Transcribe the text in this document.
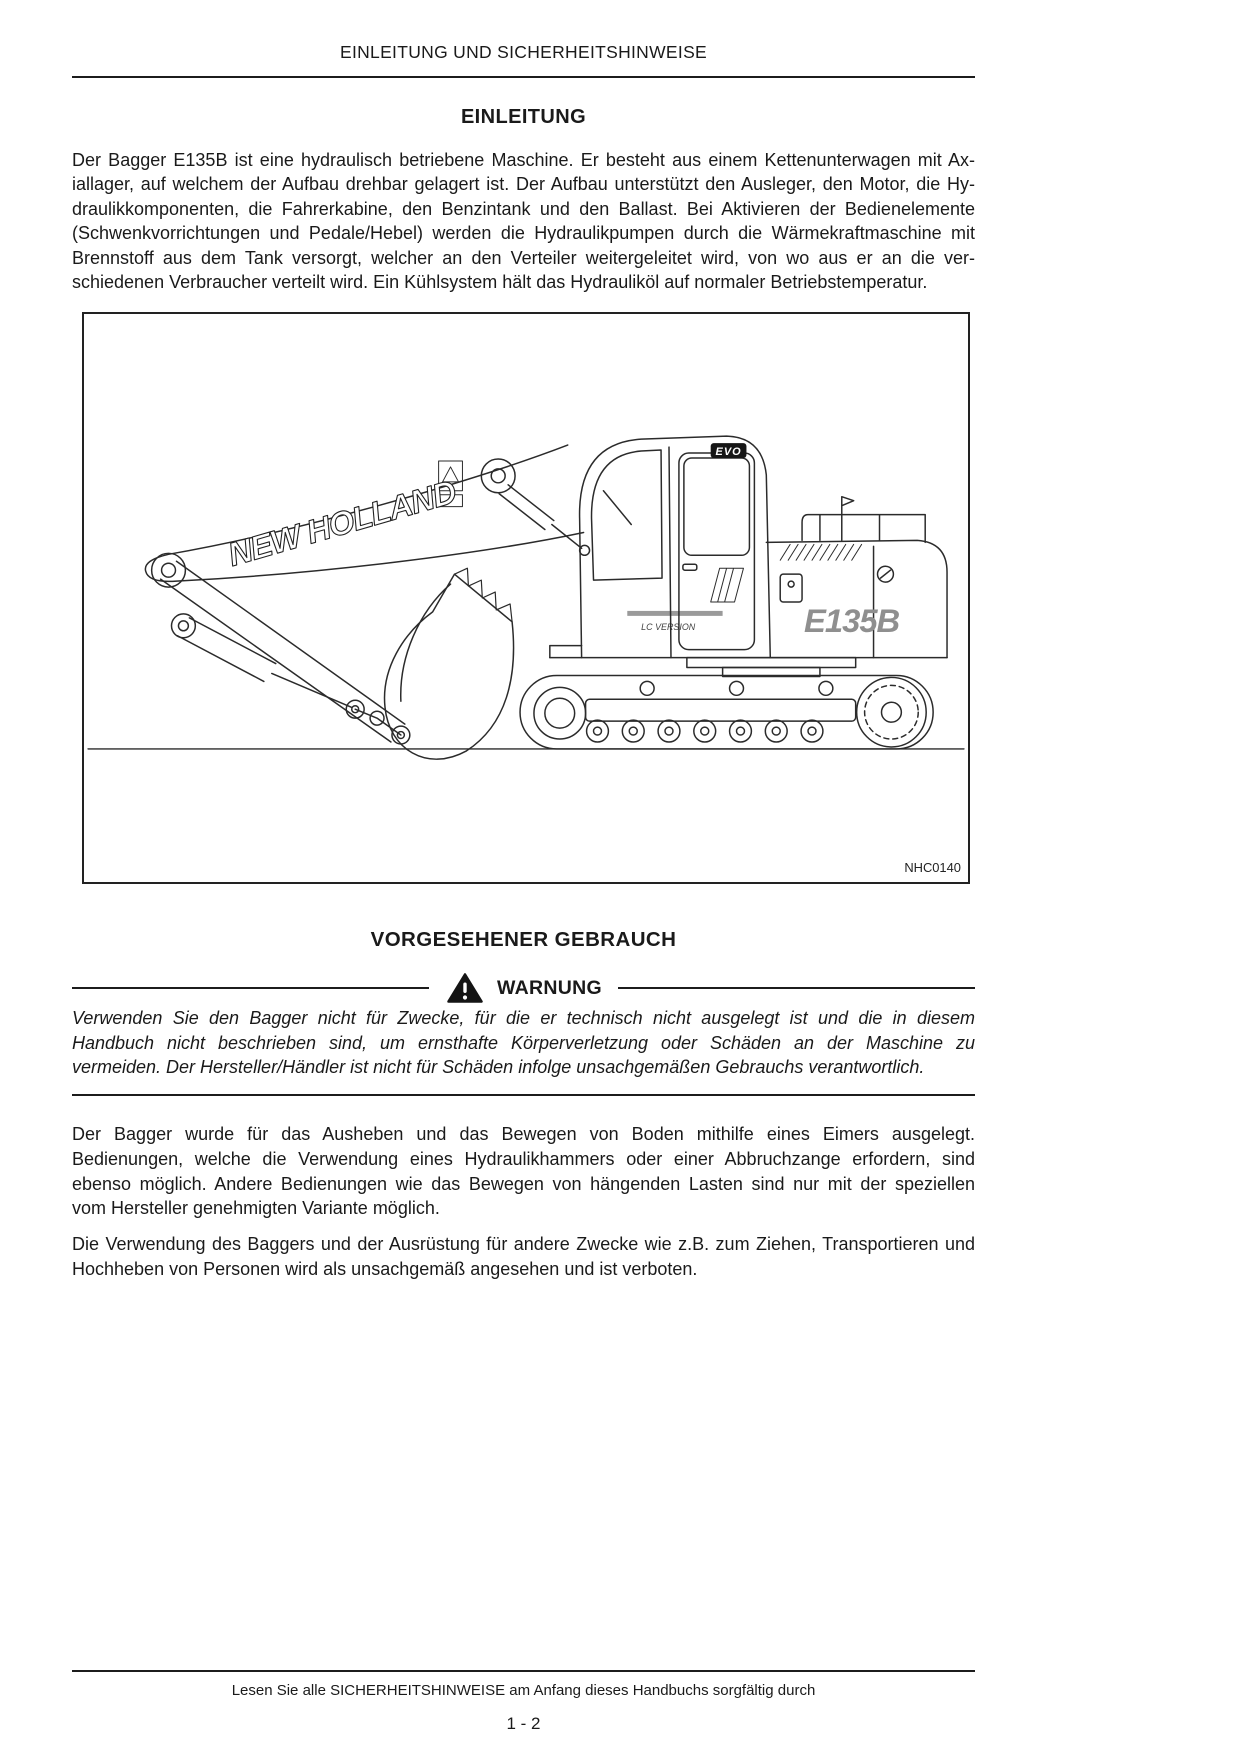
EINLEITUNG UND SICHERHEITSHINWEISE
EINLEITUNG
Der Bagger E135B ist eine hydraulisch betriebene Maschine. Er besteht aus einem Kettenunterwagen mit Ax-
iallager, auf welchem der Aufbau drehbar gelagert ist. Der Aufbau unterstützt den Ausleger, den Motor, die Hy-
draulikkomponenten, die Fahrerkabine, den Benzintank und den Ballast. Bei Aktivieren der Bedienelemente
(Schwenkvorrichtungen und Pedale/Hebel) werden die Hydraulikpumpen durch die Wärmekraftmaschine mit
Brennstoff aus dem Tank versorgt, welcher an den Verteiler weitergeleitet wird, von wo aus er an die ver-
schiedenen Verbraucher verteilt wird. Ein Kühlsystem hält das Hydrauliköl auf normaler Betriebstemperatur.
LC VERSION	E135B
EVO
NEW HOLLAND
NHC0140
VORGESEHENER GEBRAUCH
WARNUNG
Verwenden Sie den Bagger nicht für Zwecke, für die er technisch nicht ausgelegt ist und die in diesem
Handbuch nicht beschrieben sind, um ernsthafte Körperverletzung oder Schäden an der Maschine zu
vermeiden. Der Hersteller/Händler ist nicht für Schäden infolge unsachgemäßen Gebrauchs verantwortlich.
Der Bagger wurde für das Ausheben und das Bewegen von Boden mithilfe eines Eimers ausgelegt.
Bedienungen, welche die Verwendung eines Hydraulikhammers oder einer Abbruchzange erfordern, sind
ebenso möglich. Andere Bedienungen wie das Bewegen von hängenden Lasten sind nur mit der speziellen
vom Hersteller genehmigten Variante möglich.
Die Verwendung des Baggers und der Ausrüstung für andere Zwecke wie z.B. zum Ziehen, Transportieren und
Hochheben von Personen wird als unsachgemäß angesehen und ist verboten.
Lesen Sie alle SICHERHEITSHINWEISE am Anfang dieses Handbuchs sorgfältig durch
1 - 2
